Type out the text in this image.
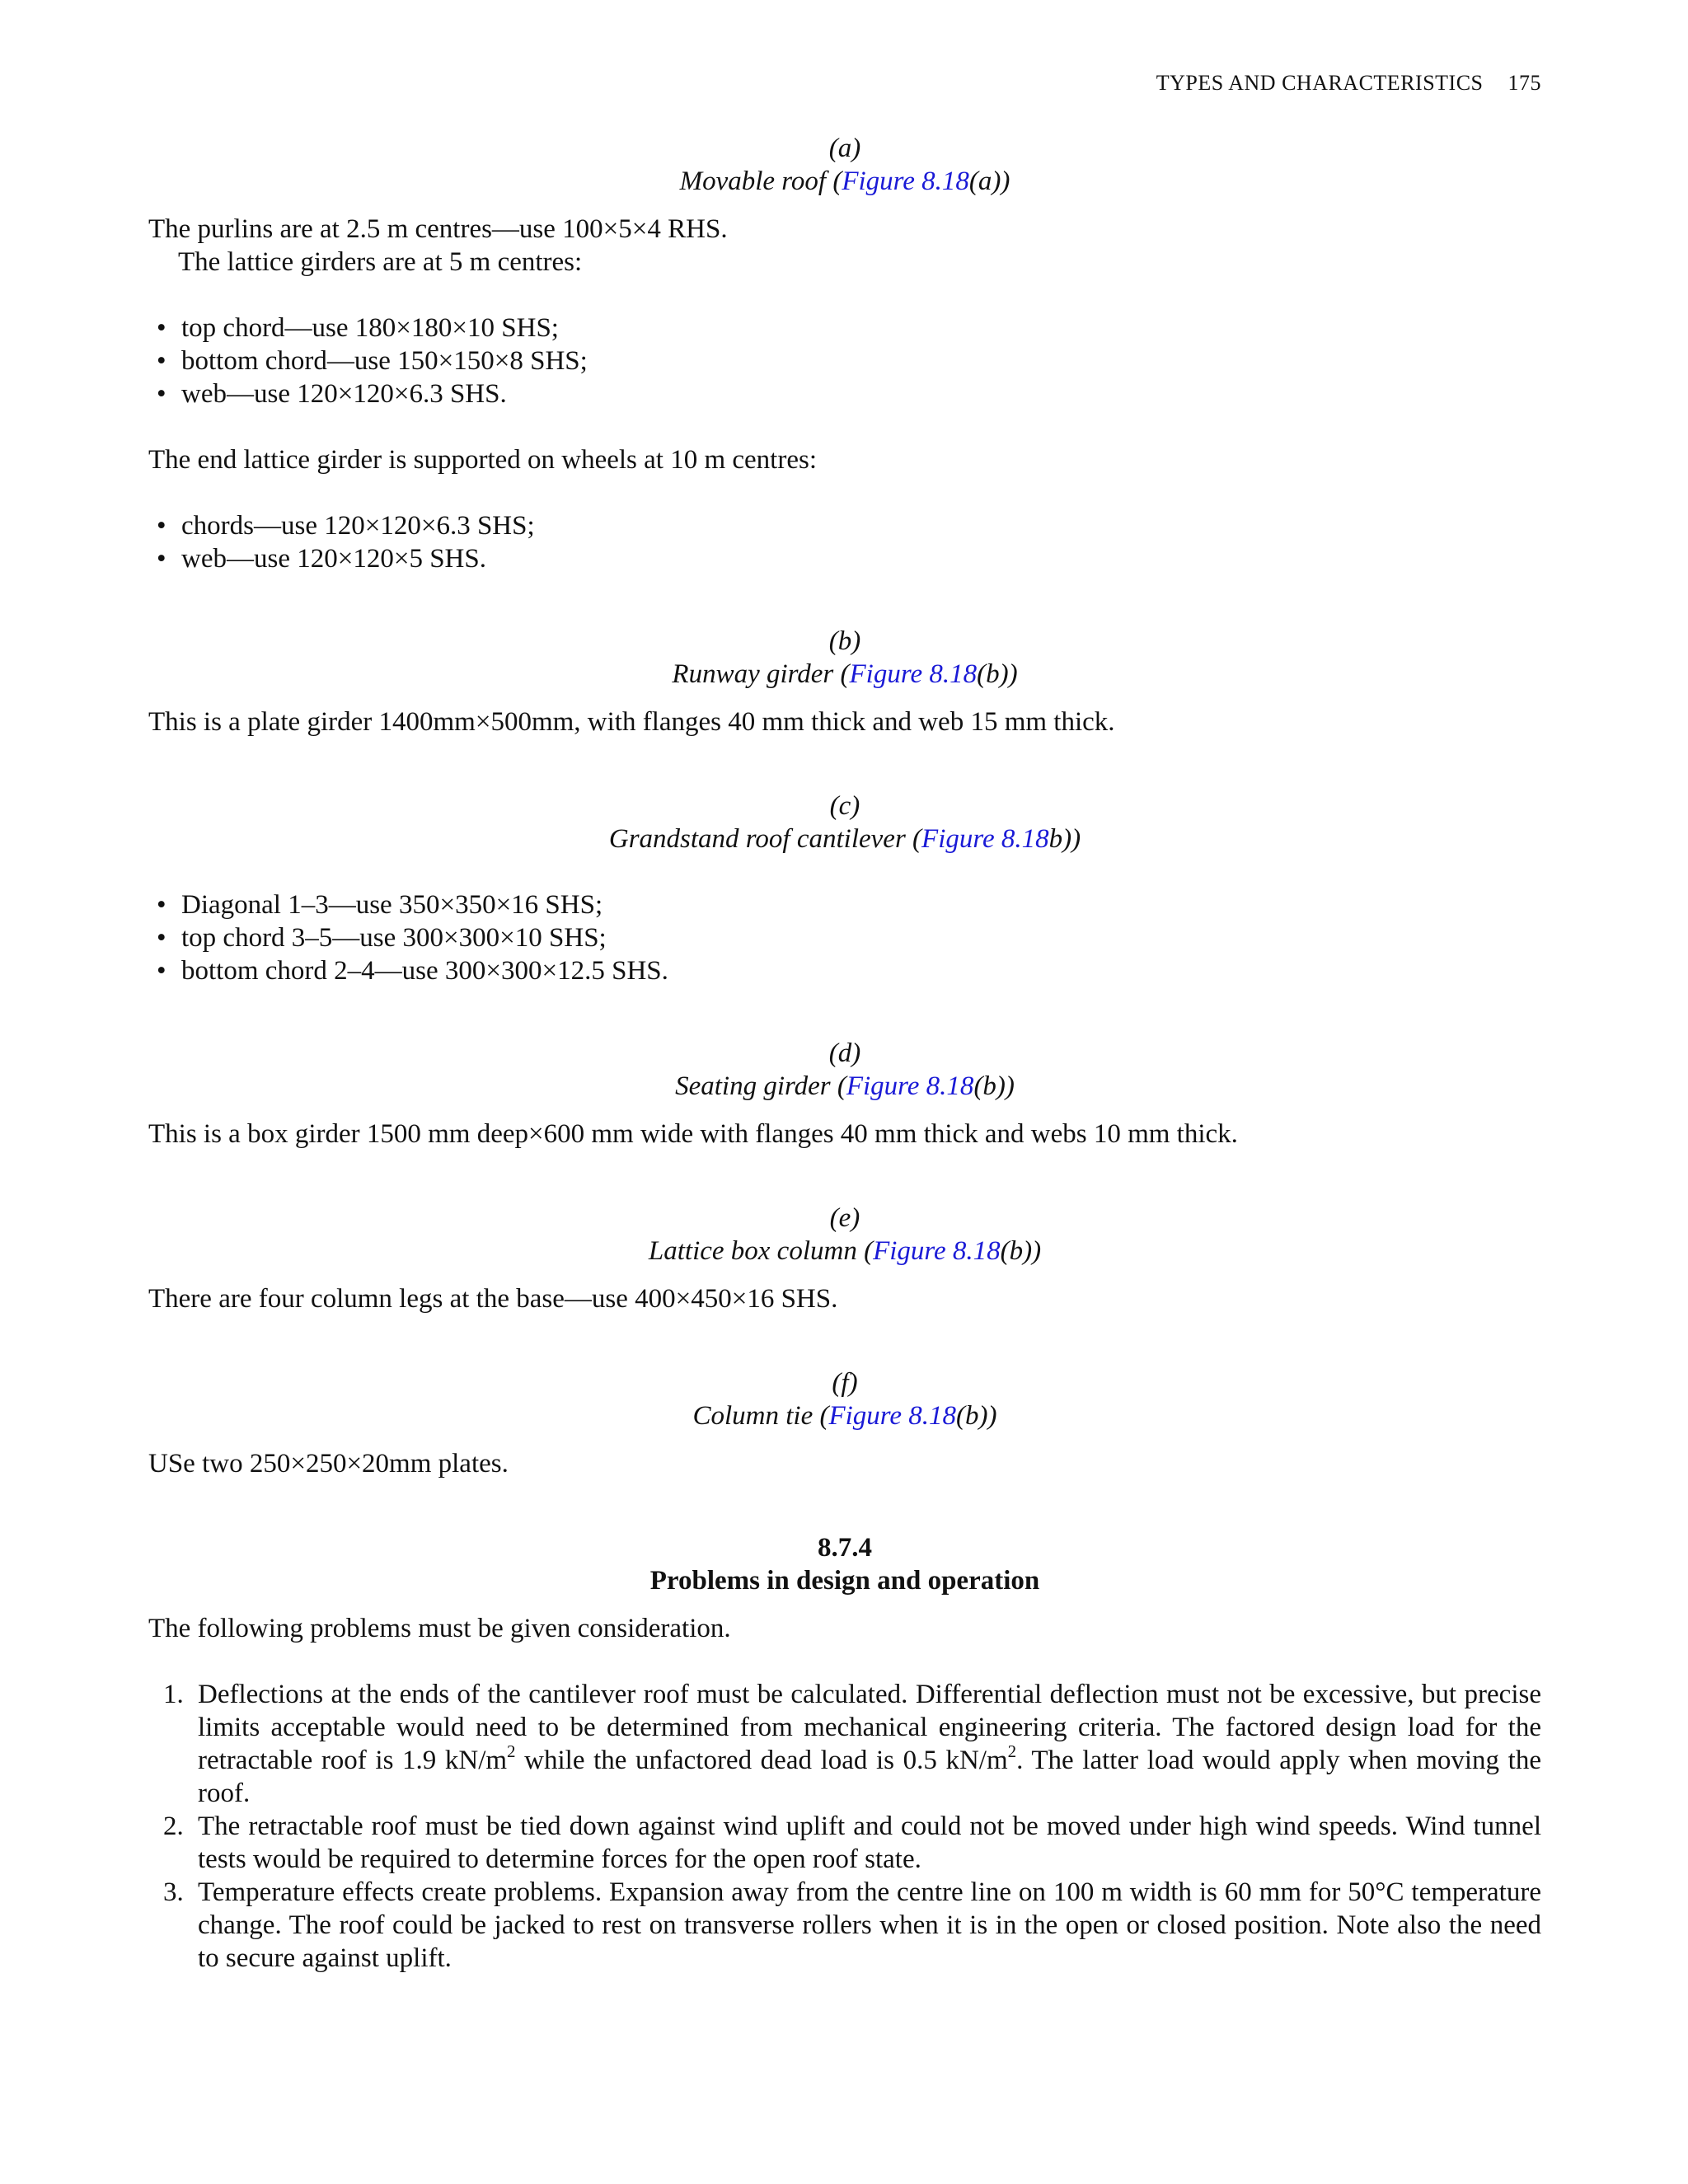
TYPES AND CHARACTERISTICS 175
(a)
Movable roof (Figure 8.18(a))

The purlins are at 2.5 m centres—use 100×5×4 RHS.

The lattice girders are at 5 m centres:

• top chord—use 180×180×10 SHS;
• bottom chord—use 150×150×8 SHS;
• web—use 120×120×6.3 SHS.

The end lattice girder is supported on wheels at 10 m centres:

• chords—use 120×120×6.3 SHS;
• web—use 120×120×5 SHS.
(b)
Runway girder (Figure 8.18(b))

This is a plate girder 1400mm×500mm, with flanges 40 mm thick and web 15 mm thick.

(c)
Grandstand roof cantilever (Figure 8.18b))
• Diagonal 1–3—use 350×350×16 SHS;
• top chord 3–5—use 300×300×10 SHS;
• bottom chord 2–4—use 300×300×12.5 SHS.
(d)
Seating girder (Figure 8.18(b))

This is a box girder 1500 mm deep×600 mm wide with flanges 40 mm thick and webs 10 mm thick.

(e)
Lattice box column (Figure 8.18(b))

There are four column legs at the base—use 400×450×16 SHS.

(f)
Column tie (Figure 8.18(b))

USe two 250×250×20mm plates.

8.7.4
Problems in design and operation

The following problems must be given consideration.

1. Deflections at the ends of the cantilever roof must be calculated. Differential deflection must not be excessive, but precise limits acceptable would need to be determined from mechanical engineering criteria. The factored design load for the retractable roof is 1.9 $kN/m^2$ while the unfactored dead load is 0.5 $kN/m^2$. The latter load would apply when moving the roof.
2. The retractable roof must be tied down against wind uplift and could not be moved under high wind speeds. Wind tunnel tests would be required to determine forces for the open roof state.
3. Temperature effects create problems. Expansion away from the centre line on 100 m width is 60 mm for 50°C temperature change. The roof could be jacked to rest on transverse rollers when it is in the open or closed position. Note also the need to secure against uplift.
